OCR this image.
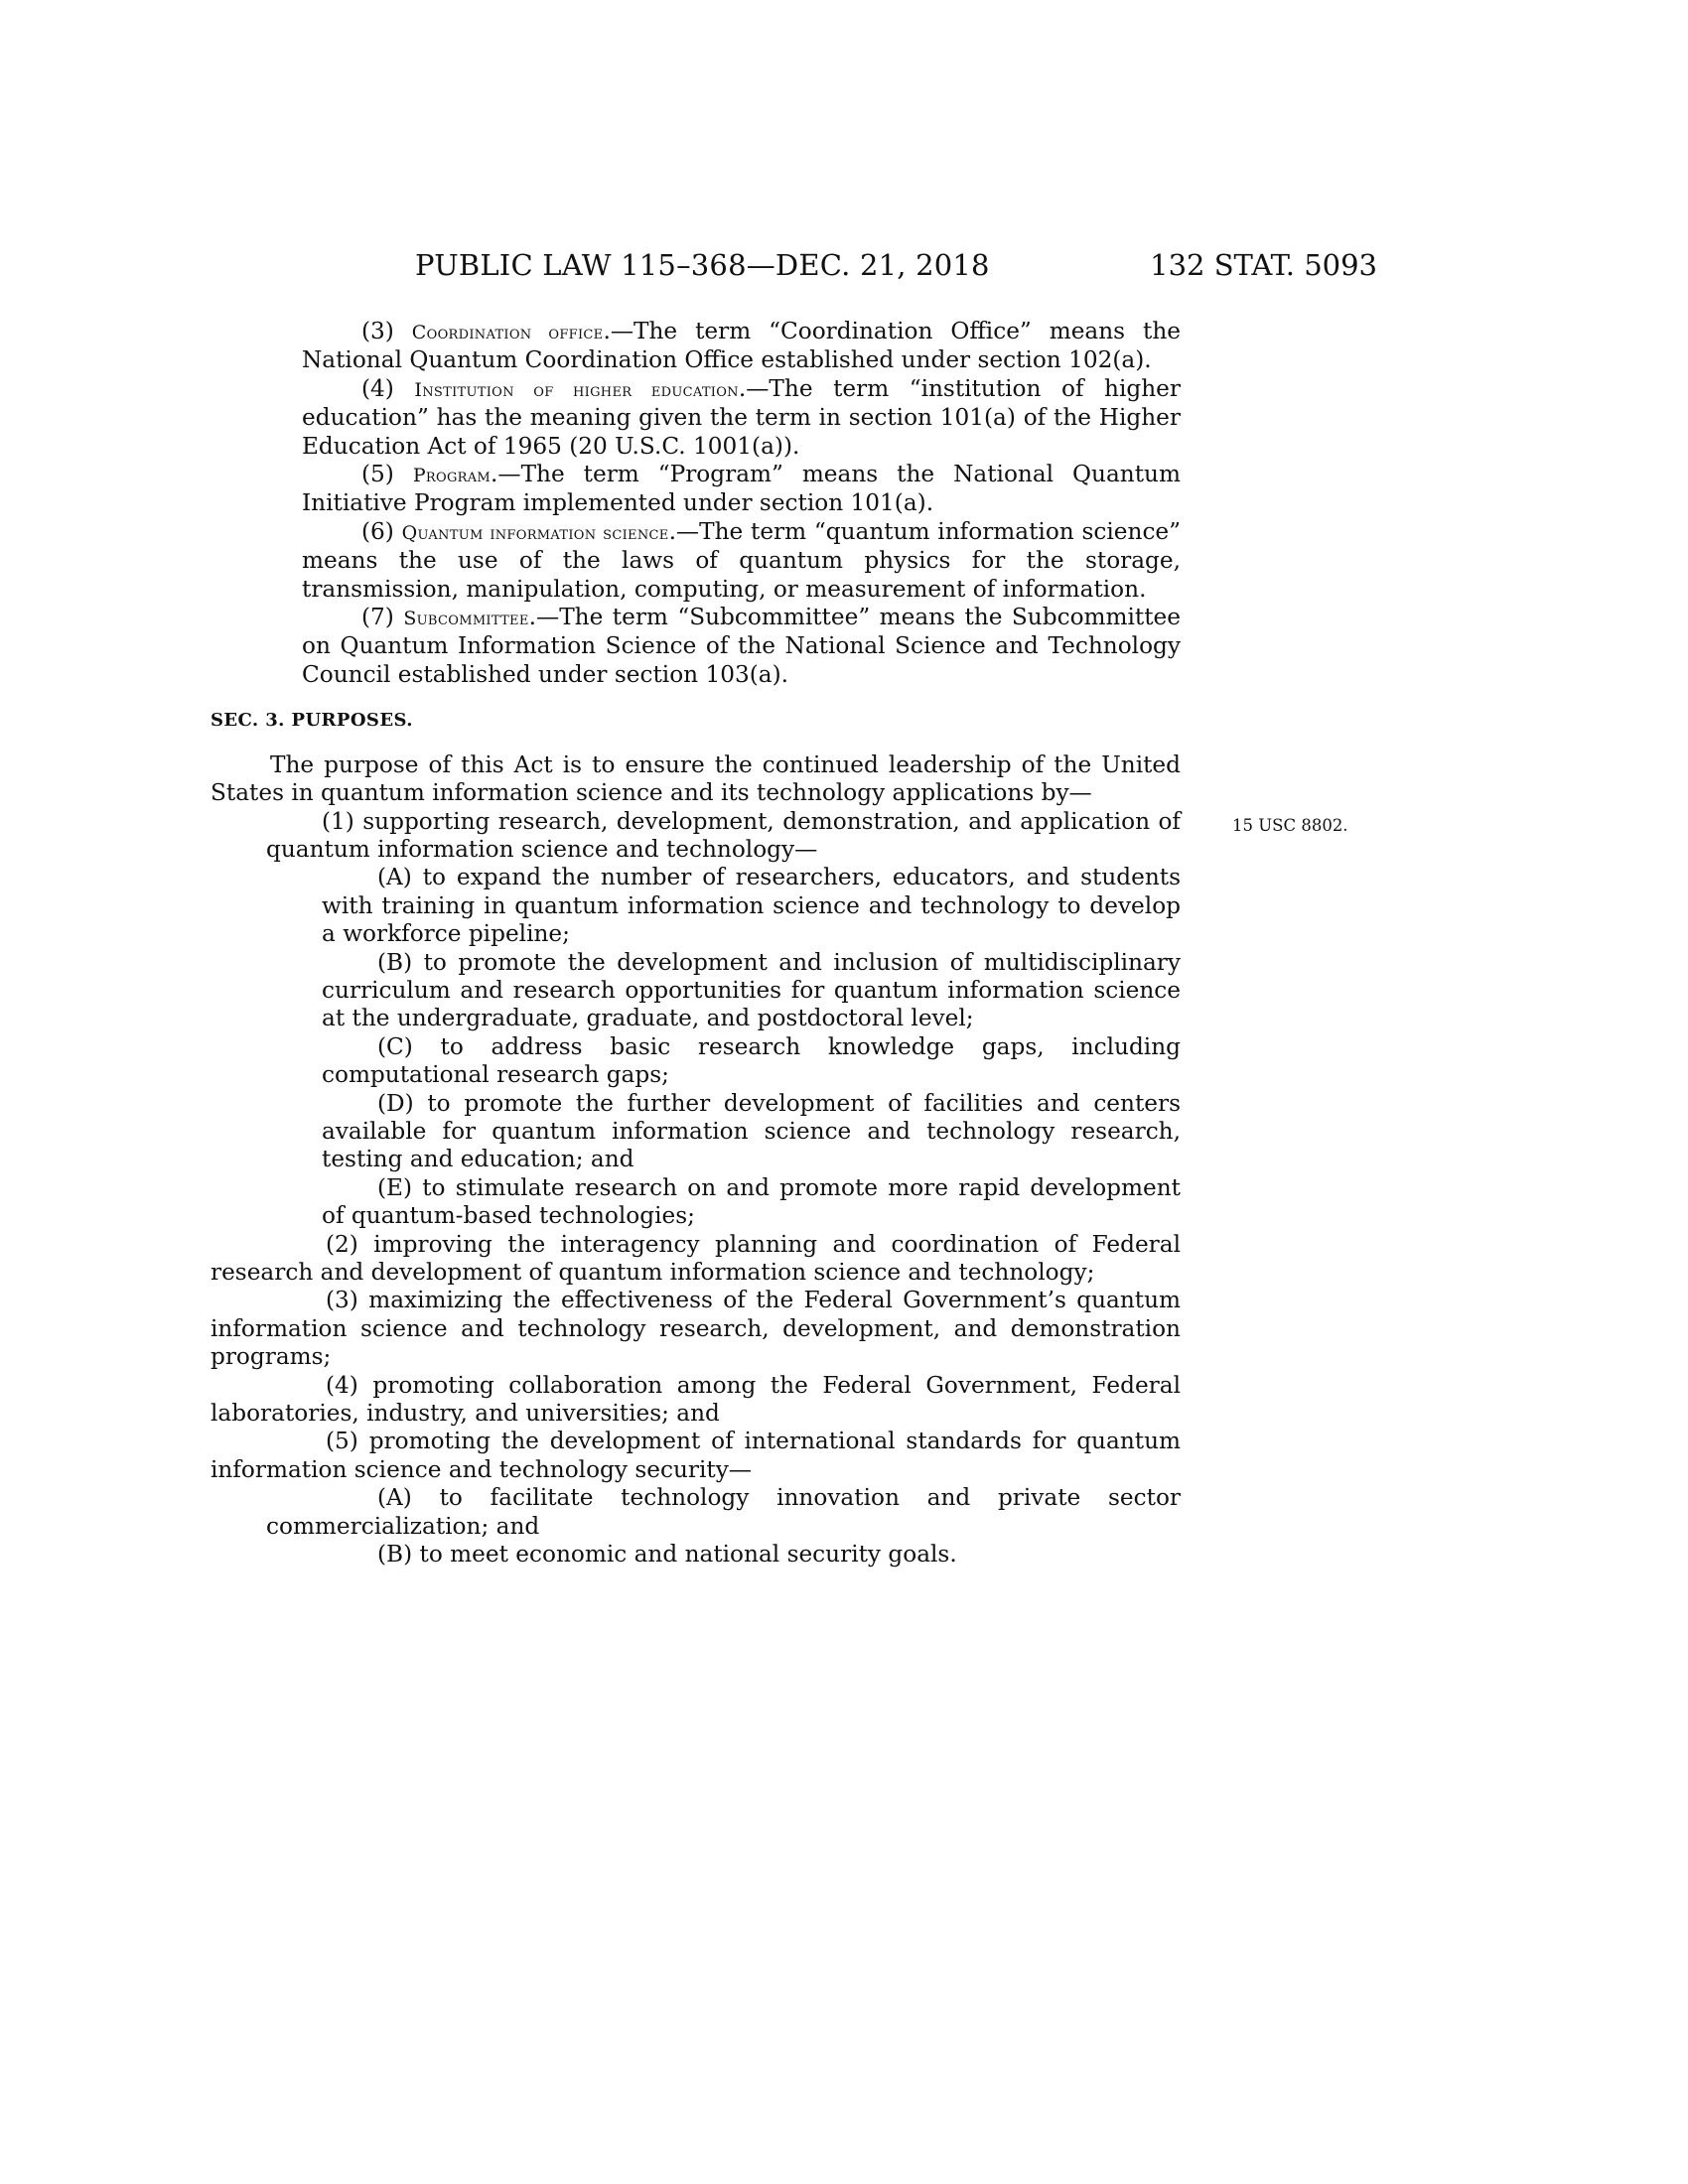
PUBLIC LAW 115–368—DEC. 21, 2018	132 STAT. 5093
15 USC 8802.

(3) Coordination office.—The term “Coordination Office” means the National Quantum Coordination Office established under section 102(a).

(4) Institution of higher education.—The term “institution of higher education” has the meaning given the term in section 101(a) of the Higher Education Act of 1965 (20 U.S.C. 1001(a)).

(5) Program.—The term “Program” means the National Quantum Initiative Program implemented under section 101(a).

(6) Quantum information science.—The term “quantum information science” means the use of the laws of quantum physics for the storage, transmission, manipulation, computing, or measurement of information.

(7) Subcommittee.—The term “Subcommittee” means the Subcommittee on Quantum Information Science of the National Science and Technology Council established under section 103(a).

SEC. 3. PURPOSES.

The purpose of this Act is to ensure the continued leadership of the United States in quantum information science and its technology applications by—

(1) supporting research, development, demonstration, and application of quantum information science and technology—

(A) to expand the number of researchers, educators, and students with training in quantum information science and technology to develop a workforce pipeline;

(B) to promote the development and inclusion of multidisciplinary curriculum and research opportunities for quantum information science at the undergraduate, graduate, and postdoctoral level;

(C) to address basic research knowledge gaps, including computational research gaps;

(D) to promote the further development of facilities and centers available for quantum information science and technology research, testing and education; and

(E) to stimulate research on and promote more rapid development of quantum-based technologies;

(2) improving the interagency planning and coordination of Federal research and development of quantum information science and technology;

(3) maximizing the effectiveness of the Federal Government’s quantum information science and technology research, development, and demonstration programs;

(4) promoting collaboration among the Federal Government, Federal laboratories, industry, and universities; and

(5) promoting the development of international standards for quantum information science and technology security—

(A) to facilitate technology innovation and private sector commercialization; and

(B) to meet economic and national security goals.
